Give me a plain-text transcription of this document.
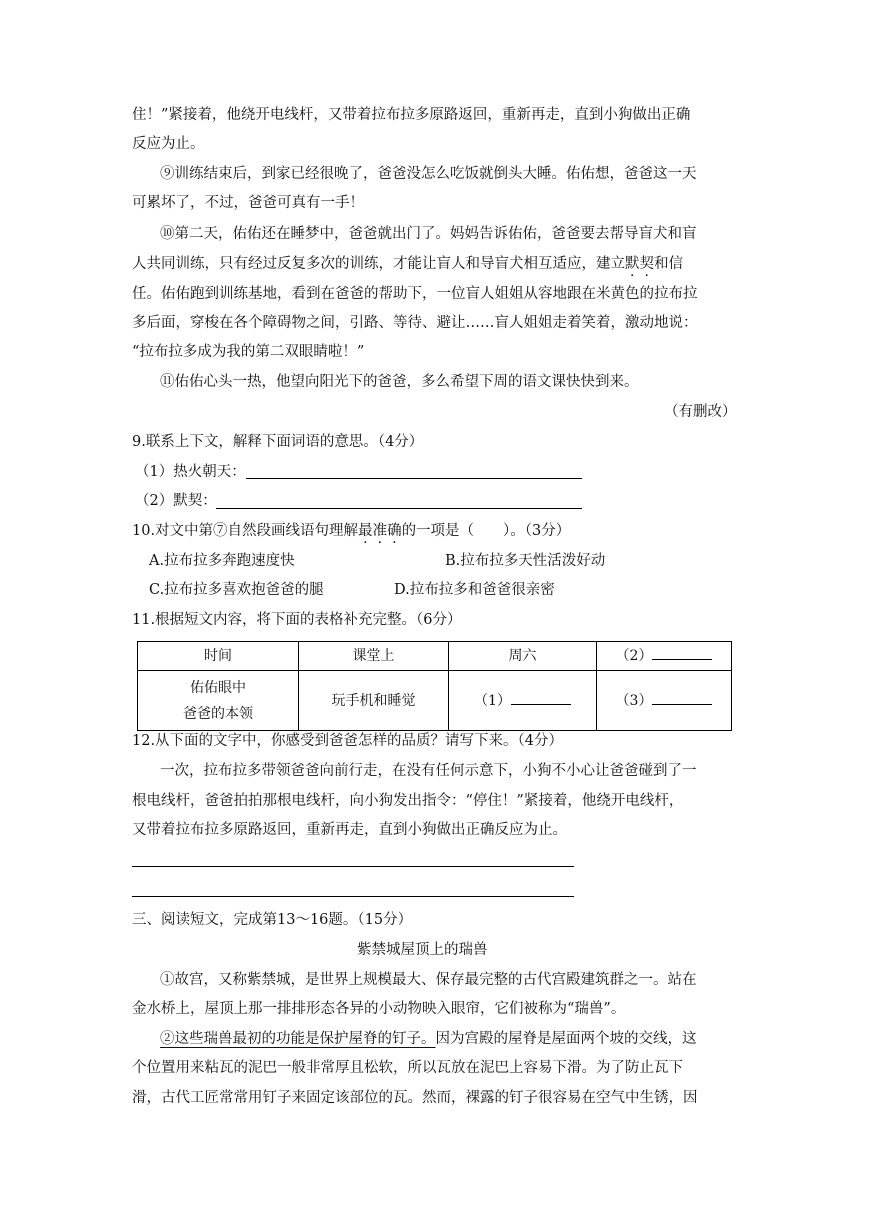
住！”紧接着，他绕开电线杆，又带着拉布拉多原路返回，重新再走，直到小狗做出正确
反应为止。
⑨训练结束后，到家已经很晚了，爸爸没怎么吃饭就倒头大睡。佑佑想，爸爸这一天
可累坏了，不过，爸爸可真有一手！
⑩第二天，佑佑还在睡梦中，爸爸就出门了。妈妈告诉佑佑，爸爸要去帮导盲犬和盲
人共同训练，只有经过反复多次的训练，才能让盲人和导盲犬相互适应，建立默契和信
任。佑佑跑到训练基地，看到在爸爸的帮助下，一位盲人姐姐从容地跟在米黄色的拉布拉
多后面，穿梭在各个障碍物之间，引路、等待、避让……盲人姐姐走着笑着，激动地说：
“拉布拉多成为我的第二双眼睛啦！”
⑪佑佑心头一热，他望向阳光下的爸爸，多么希望下周的语文课快快到来。
（有删改）
9.联系上下文，解释下面词语的意思。（4分）
（1）热火朝天：
（2）默契：
10.对文中第⑦自然段画线语句理解最准确的一项是（　　）。（3分）
A.拉布拉多奔跑速度快	B.拉布拉多天性活泼好动
C.拉布拉多喜欢抱爸爸的腿	D.拉布拉多和爸爸很亲密
11.根据短文内容，将下面的表格补充完整。（6分）
时间	课堂上	周六	（2）

佑佑眼中
爸爸的本领	玩手机和睡觉	（1）	（3）
12.从下面的文字中，你感受到爸爸怎样的品质？请写下来。（4分）
一次，拉布拉多带领爸爸向前行走，在没有任何示意下，小狗不小心让爸爸碰到了一
根电线杆，爸爸拍拍那根电线杆，向小狗发出指令：“停住！”紧接着，他绕开电线杆，
又带着拉布拉多原路返回，重新再走，直到小狗做出正确反应为止。
三、阅读短文，完成第13～16题。（15分）
紫禁城屋顶上的瑞兽
①故宫，又称紫禁城，是世界上规模最大、保存最完整的古代宫殿建筑群之一。站在
金水桥上，屋顶上那一排排形态各异的小动物映入眼帘，它们被称为“瑞兽”。
②这些瑞兽最初的功能是保护屋脊的钉子。因为宫殿的屋脊是屋面两个坡的交线，这
个位置用来粘瓦的泥巴一般非常厚且松软，所以瓦放在泥巴上容易下滑。为了防止瓦下
滑，古代工匠常常用钉子来固定该部位的瓦。然而，裸露的钉子很容易在空气中生锈，因
